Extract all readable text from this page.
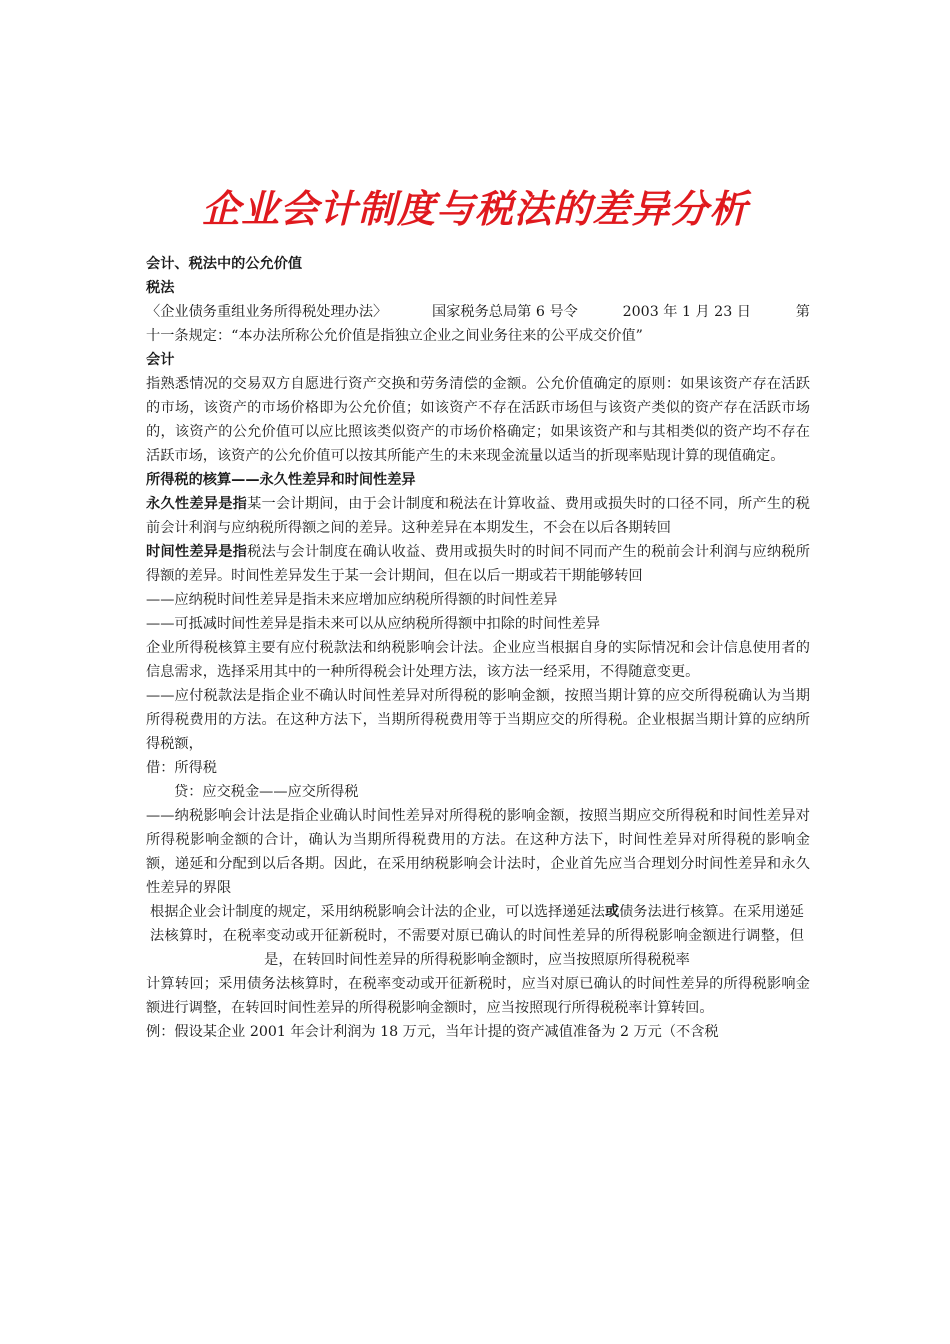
企业会计制度与税法的差异分析

会计、税法中的公允价值

税法

〈企业债务重组业务所得税处理办法〉	国家税务总局第 6 号令	2003 年 1 月 23 日	第

十一条规定：“本办法所称公允价值是指独立企业之间业务往来的公平成交价值”

会计

指熟悉情况的交易双方自愿进行资产交换和劳务清偿的金额。公允价值确定的原则：如果该资产存在活跃的市场，该资产的市场价格即为公允价值；如该资产不存在活跃市场但与该资产类似的资产存在活跃市场的，该资产的公允价值可以应比照该类似资产的市场价格确定；如果该资产和与其相类似的资产均不存在活跃市场，该资产的公允价值可以按其所能产生的未来现金流量以适当的折现率贴现计算的现值确定。

所得税的核算——永久性差异和时间性差异

永久性差异是指某一会计期间，由于会计制度和税法在计算收益、费用或损失时的口径不同，所产生的税前会计利润与应纳税所得额之间的差异。这种差异在本期发生，不会在以后各期转回

时间性差异是指税法与会计制度在确认收益、费用或损失时的时间不同而产生的税前会计利润与应纳税所得额的差异。时间性差异发生于某一会计期间，但在以后一期或若干期能够转回

——应纳税时间性差异是指未来应增加应纳税所得额的时间性差异

——可抵减时间性差异是指未来可以从应纳税所得额中扣除的时间性差异

企业所得税核算主要有应付税款法和纳税影响会计法。企业应当根据自身的实际情况和会计信息使用者的信息需求，选择采用其中的一种所得税会计处理方法，该方法一经采用，不得随意变更。

——应付税款法是指企业不确认时间性差异对所得税的影响金额，按照当期计算的应交所得税确认为当期所得税费用的方法。在这种方法下，当期所得税费用等于当期应交的所得税。企业根据当期计算的应纳所得税额，

借：所得税

贷：应交税金——应交所得税

——纳税影响会计法是指企业确认时间性差异对所得税的影响金额，按照当期应交所得税和时间性差异对所得税影响金额的合计，确认为当期所得税费用的方法。在这种方法下，时间性差异对所得税的影响金额，递延和分配到以后各期。因此，在采用纳税影响会计法时，企业首先应当合理划分时间性差异和永久性差异的界限

根据企业会计制度的规定，采用纳税影响会计法的企业，可以选择递延法或债务法进行核算。在采用递延法核算时，在税率变动或开征新税时，不需要对原已确认的时间性差异的所得税影响金额进行调整，但是，在转回时间性差异的所得税影响金额时，应当按照原所得税税率

计算转回；采用债务法核算时，在税率变动或开征新税时，应当对原已确认的时间性差异的所得税影响金额进行调整，在转回时间性差异的所得税影响金额时，应当按照现行所得税税率计算转回。

例：假设某企业 2001 年会计利润为 18 万元，当年计提的资产减值准备为 2 万元（不含税
